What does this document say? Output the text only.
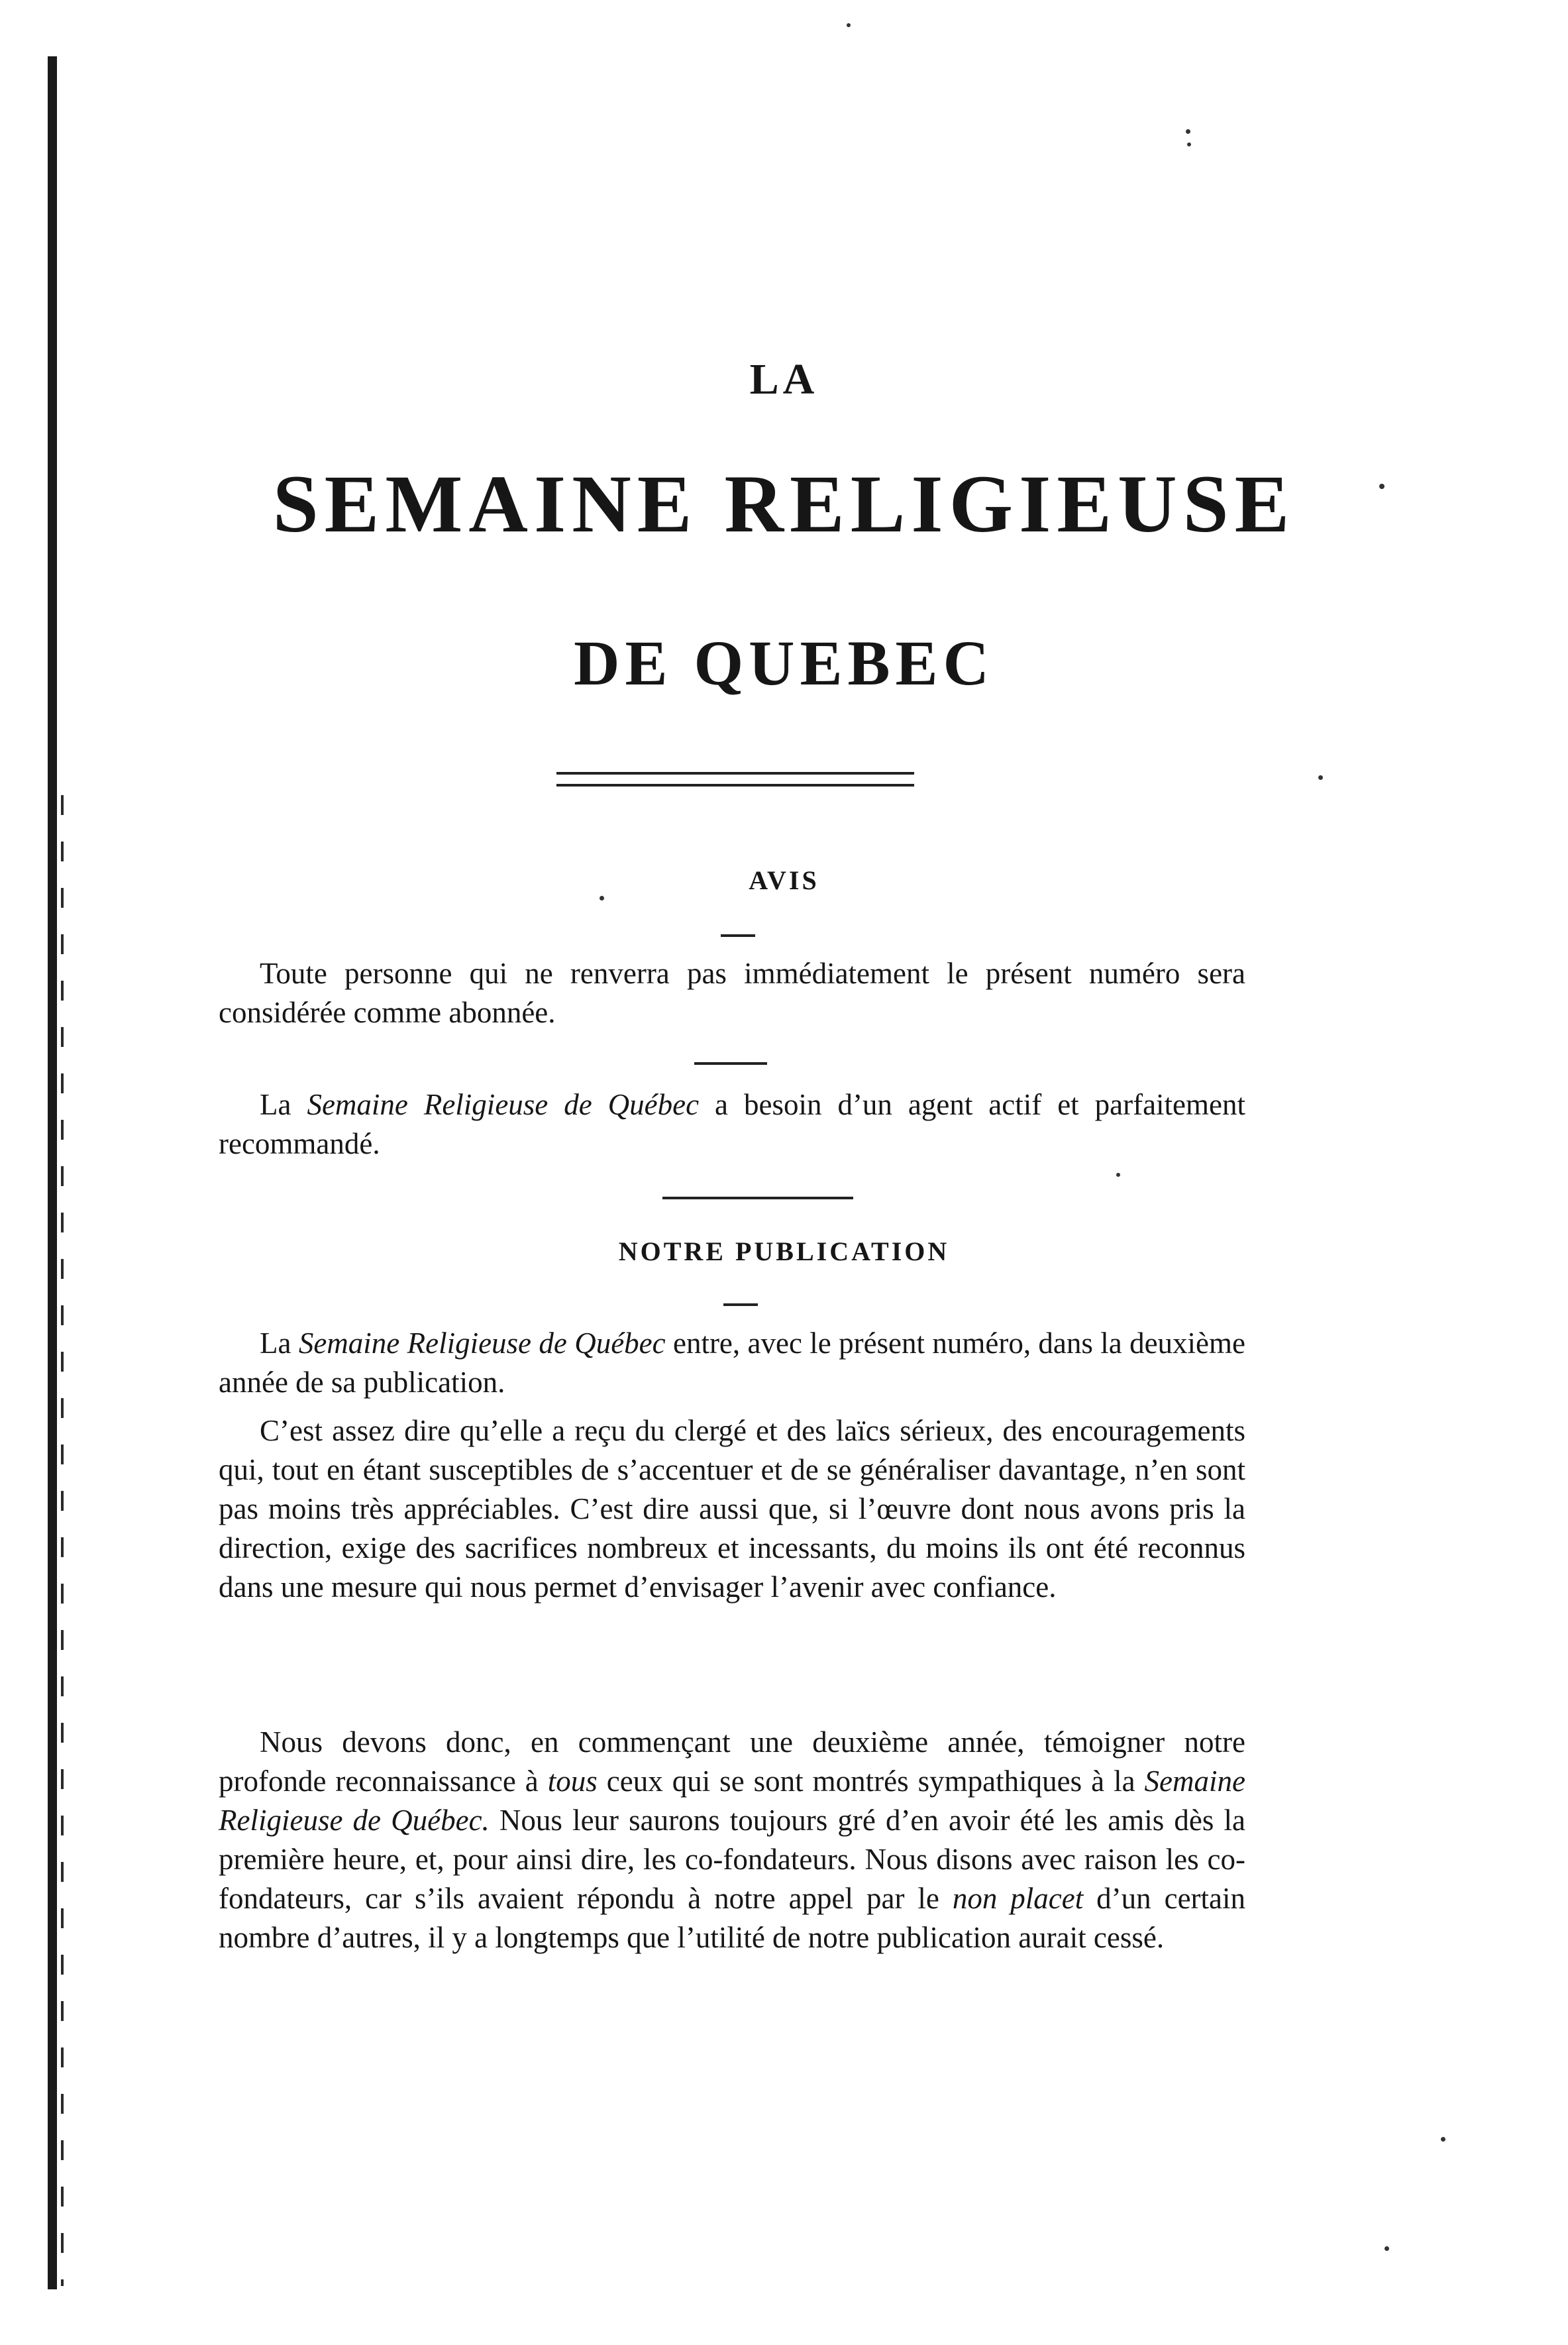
LA
SEMAINE RELIGIEUSE
DE QUEBEC
AVIS

Toute personne qui ne renverra pas immédiatement le présent numéro sera considérée comme abonnée.

La Semaine Religieuse de Québec a besoin d’un agent actif et parfaitement recommandé.

NOTRE PUBLICATION

La Semaine Religieuse de Québec entre, avec le présent numéro, dans la deuxième année de sa publication.

C’est assez dire qu’elle a reçu du clergé et des laïcs sérieux, des encouragements qui, tout en étant susceptibles de s’accentuer et de se généraliser davantage, n’en sont pas moins très appréciables. C’est dire aussi que, si l’œuvre dont nous avons pris la direction, exige des sacrifices nombreux et incessants, du moins ils ont été reconnus dans une mesure qui nous permet d’envisager l’avenir avec confiance.

Nous devons donc, en commençant une deuxième année, témoigner notre profonde reconnaissance à tous ceux qui se sont montrés sympathiques à la Semaine Religieuse de Québec. Nous leur saurons toujours gré d’en avoir été les amis dès la première heure, et, pour ainsi dire, les co-fondateurs. Nous disons avec raison les co-fondateurs, car s’ils avaient répondu à notre appel par le non placet d’un certain nombre d’autres, il y a longtemps que l’utilité de notre publication aurait cessé.
